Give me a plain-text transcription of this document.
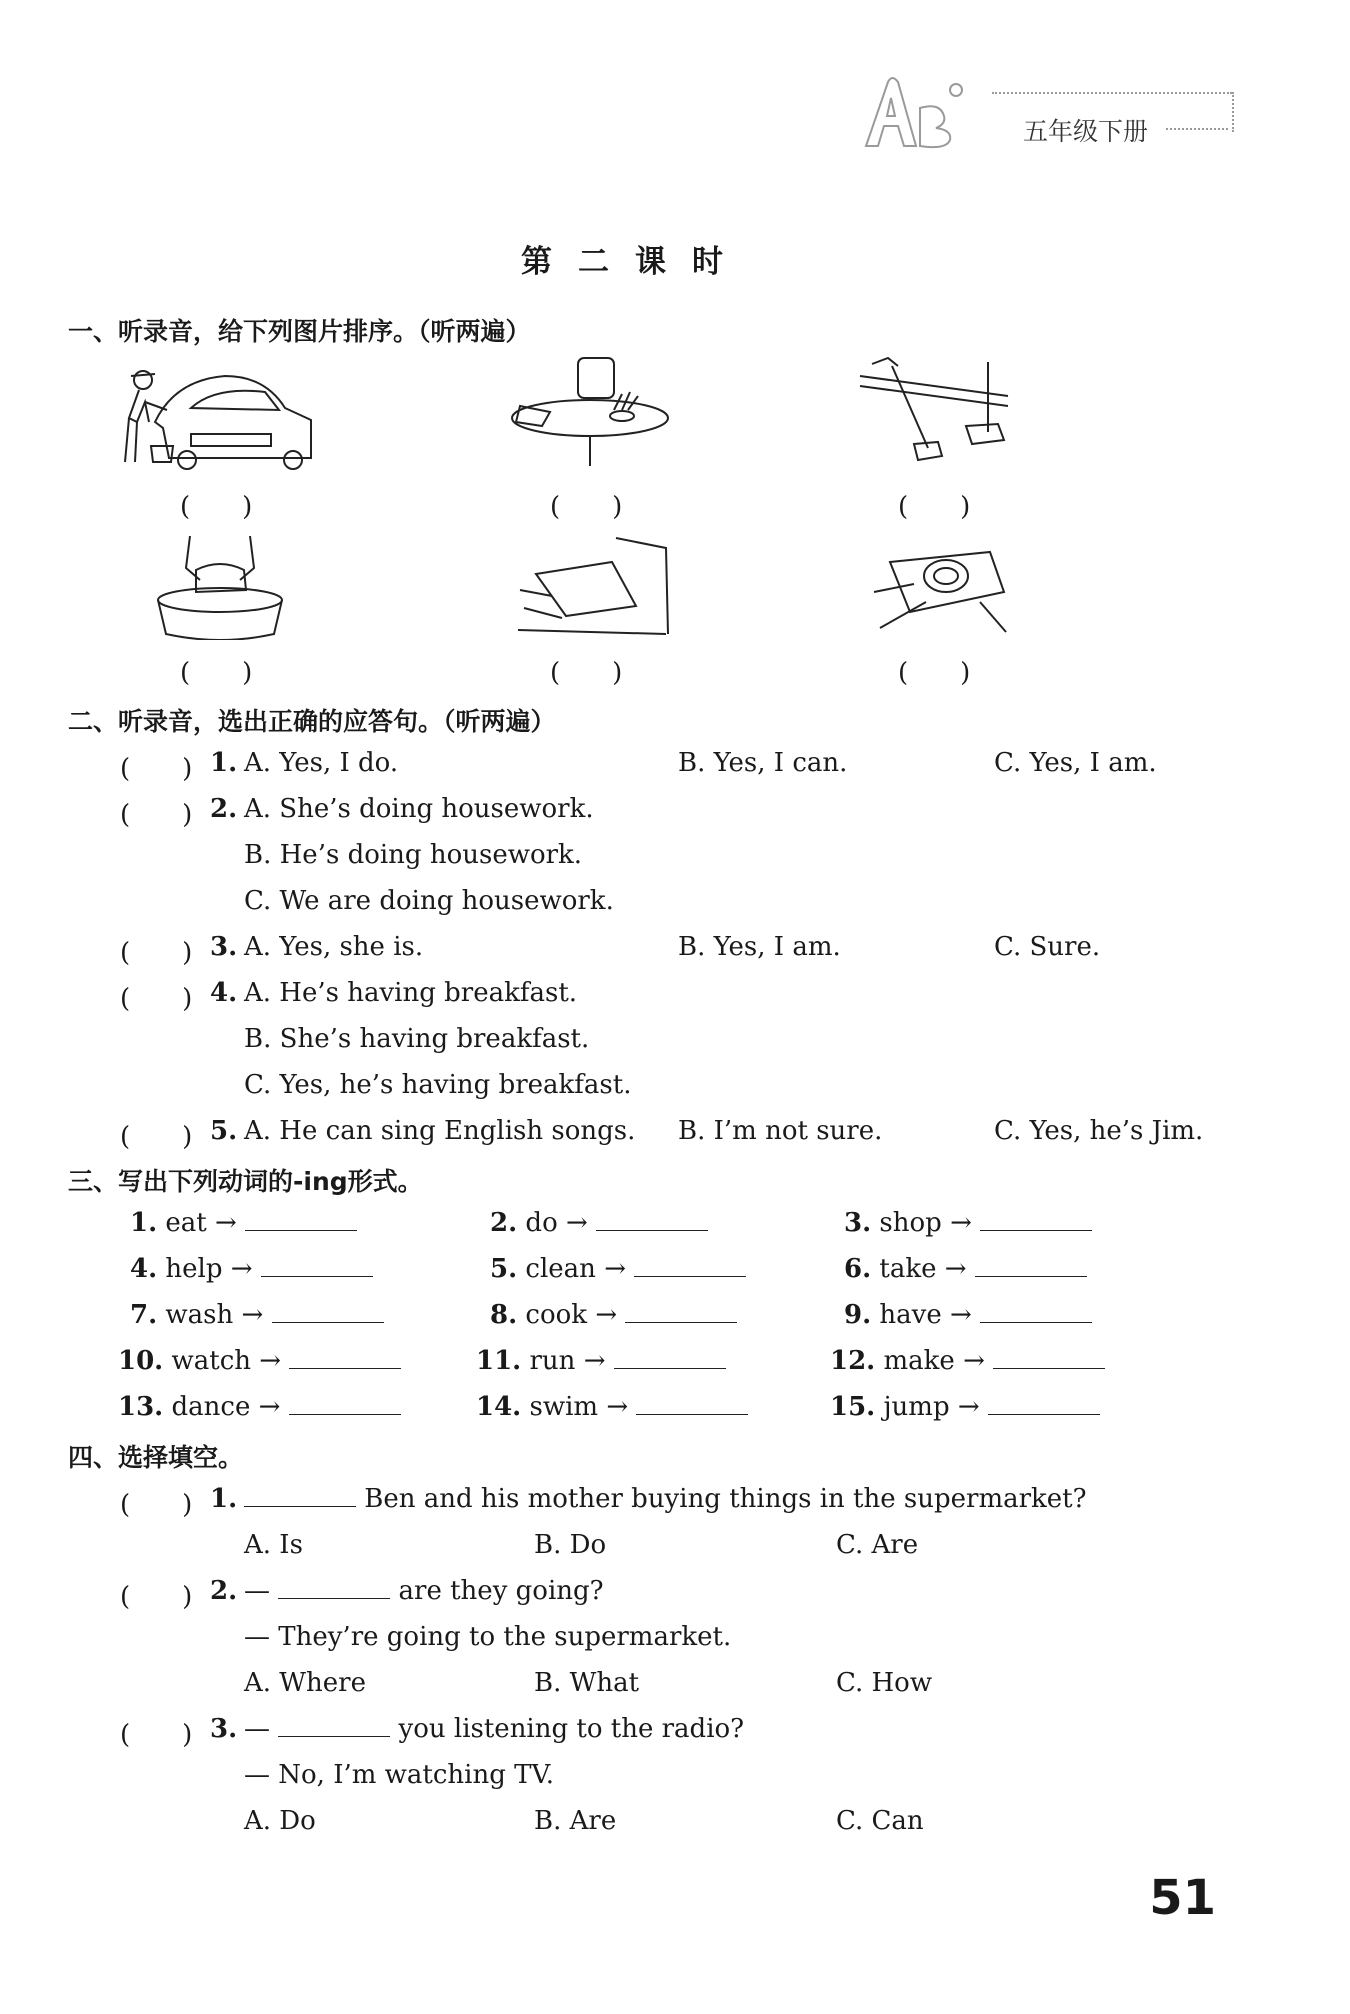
五年级下册
第二课时
一、听录音，给下列图片排序。（听两遍）
(　　)	(　　)	(　　)
(　　)	(　　)	(　　)
二、听录音，选出正确的应答句。（听两遍）
(　　) 1. A. Yes, I do.	B. Yes, I can.	C. Yes, I am.
(　　) 2. A. She’s doing housework.
B. He’s doing housework.
C. We are doing housework.
(　　) 3. A. Yes, she is.	B. Yes, I am.	C. Sure.
(　　) 4. A. He’s having breakfast.
B. She’s having breakfast.
C. Yes, he’s having breakfast.
(　　) 5. A. He can sing English songs. B. I’m not sure.	C. Yes, he’s Jim.
三、写出下列动词的-ing形式。
1. eat →	2. do →	3. shop →
4. help →	5. clean →	6. take →
7. wash →	8. cook →	9. have →
10. watch →	11. run →	12. make →
13. dance →	14. swim →	15. jump →
四、选择填空。
(　　) 1.	Ben and his mother buying things in the supermarket?
A. Is	B. Do	C. Are
(　　) 2. —	are they going?
— They’re going to the supermarket.
A. Where	B. What	C. How
(　　) 3. —	you listening to the radio?
— No, I’m watching TV.
A. Do	B. Are	C. Can
51
